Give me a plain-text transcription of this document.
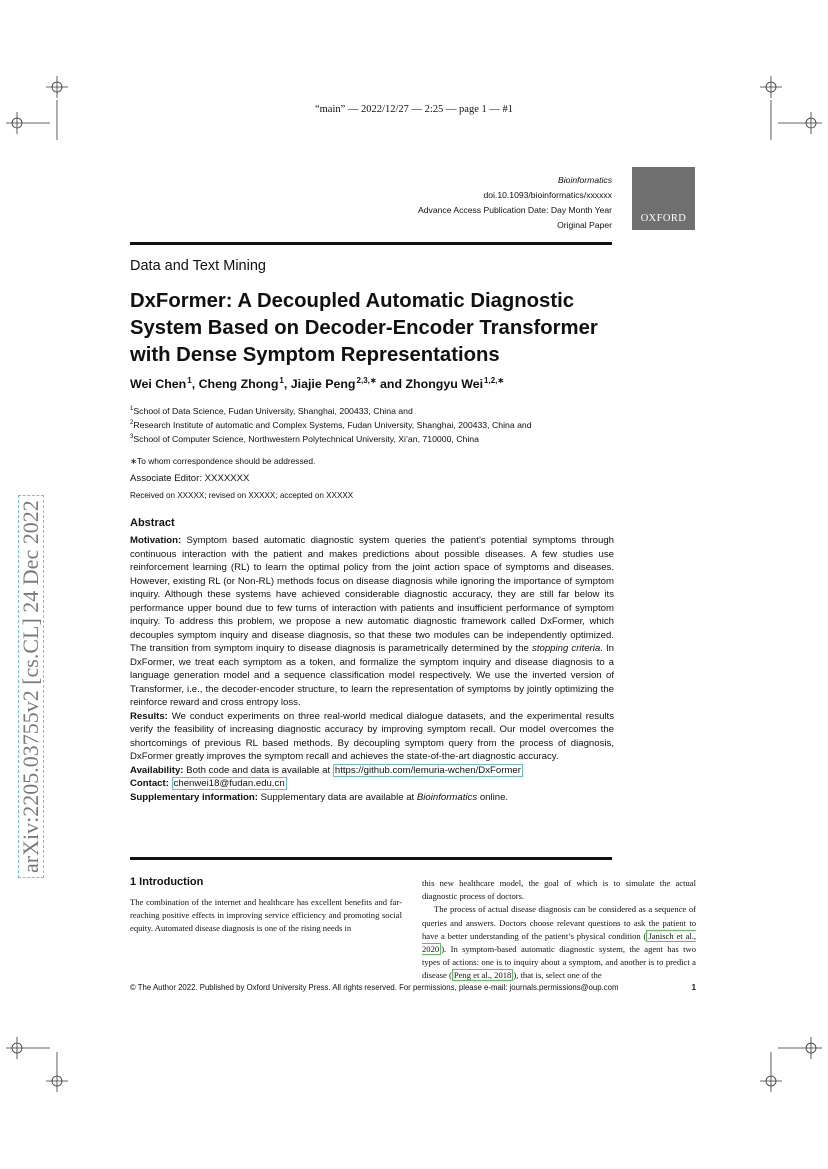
“main” — 2022/12/27 — 2:25 — page 1 — #1
arXiv:2205.03755v2 [cs.CL] 24 Dec 2022
Bioinformatics
doi.10.1093/bioinformatics/xxxxxx
Advance Access Publication Date: Day Month Year
Original Paper
OXFORD
Data and Text Mining
DxFormer: A Decoupled Automatic Diagnostic System Based on Decoder-Encoder Transformer with Dense Symptom Representations
Wei Chen$^1$, Cheng Zhong$^1$, Jiajie Peng$^{2,3,∗}$ and Zhongyu Wei$^{1,2,∗}$
$^1$School of Data Science, Fudan University, Shanghai, 200433, China and
$^2$Research Institute of automatic and Complex Systems, Fudan University, Shanghai, 200433, China and
$^3$School of Computer Science, Northwestern Polytechnical University, Xi’an, 710000, China
∗To whom correspondence should be addressed.
Associate Editor: XXXXXXX
Received on XXXXX; revised on XXXXX; accepted on XXXXX
Abstract

Motivation: Symptom based automatic diagnostic system queries the patient’s potential symptoms through continuous interaction with the patient and makes predictions about possible diseases. A few studies use reinforcement learning (RL) to learn the optimal policy from the joint action space of symptoms and diseases. However, existing RL (or Non-RL) methods focus on disease diagnosis while ignoring the importance of symptom inquiry. Although these systems have achieved considerable diagnostic accuracy, they are still far below its performance upper bound due to few turns of interaction with patients and insufficient performance of symptom inquiry. To address this problem, we propose a new automatic diagnostic framework called DxFormer, which decouples symptom inquiry and disease diagnosis, so that these two modules can be independently optimized. The transition from symptom inquiry to disease diagnosis is parametrically determined by the stopping criteria. In DxFormer, we treat each symptom as a token, and formalize the symptom inquiry and disease diagnosis to a language generation model and a sequence classification model respectively. We use the inverted version of Transformer, i.e., the decoder-encoder structure, to learn the representation of symptoms by jointly optimizing the reinforce reward and cross entropy loss.

Results: We conduct experiments on three real-world medical dialogue datasets, and the experimental results verify the feasibility of increasing diagnostic accuracy by improving symptom recall. Our model overcomes the shortcomings of previous RL based methods. By decoupling symptom query from the process of diagnosis, DxFormer greatly improves the symptom recall and achieves the state-of-the-art diagnostic accuracy.

Availability: Both code and data is available at https://github.com/lemuria-wchen/DxFormer

Contact: chenwei18@fudan.edu.cn

Supplementary information: Supplementary data are available at Bioinformatics online.

1 Introduction

The combination of the internet and healthcare has excellent benefits and far-reaching positive effects in improving service efficiency and promoting social equity. Automated disease diagnosis is one of the rising needs in

this new healthcare model, the goal of which is to simulate the actual diagnostic process of doctors.

The process of actual disease diagnosis can be considered as a sequence of queries and answers. Doctors choose relevant questions to ask the patient to have a better understanding of the patient’s physical condition ( Janisch et al., 2020 ). In symptom-based automatic diagnostic system, the agent has two types of actions: one is to inquiry about a symptom, and another is to predict a disease ( Peng et al., 2018 ), that is, select one of the

© The Author 2022. Published by Oxford University Press. All rights reserved. For permissions, please e-mail: journals.permissions@oup.com	1
